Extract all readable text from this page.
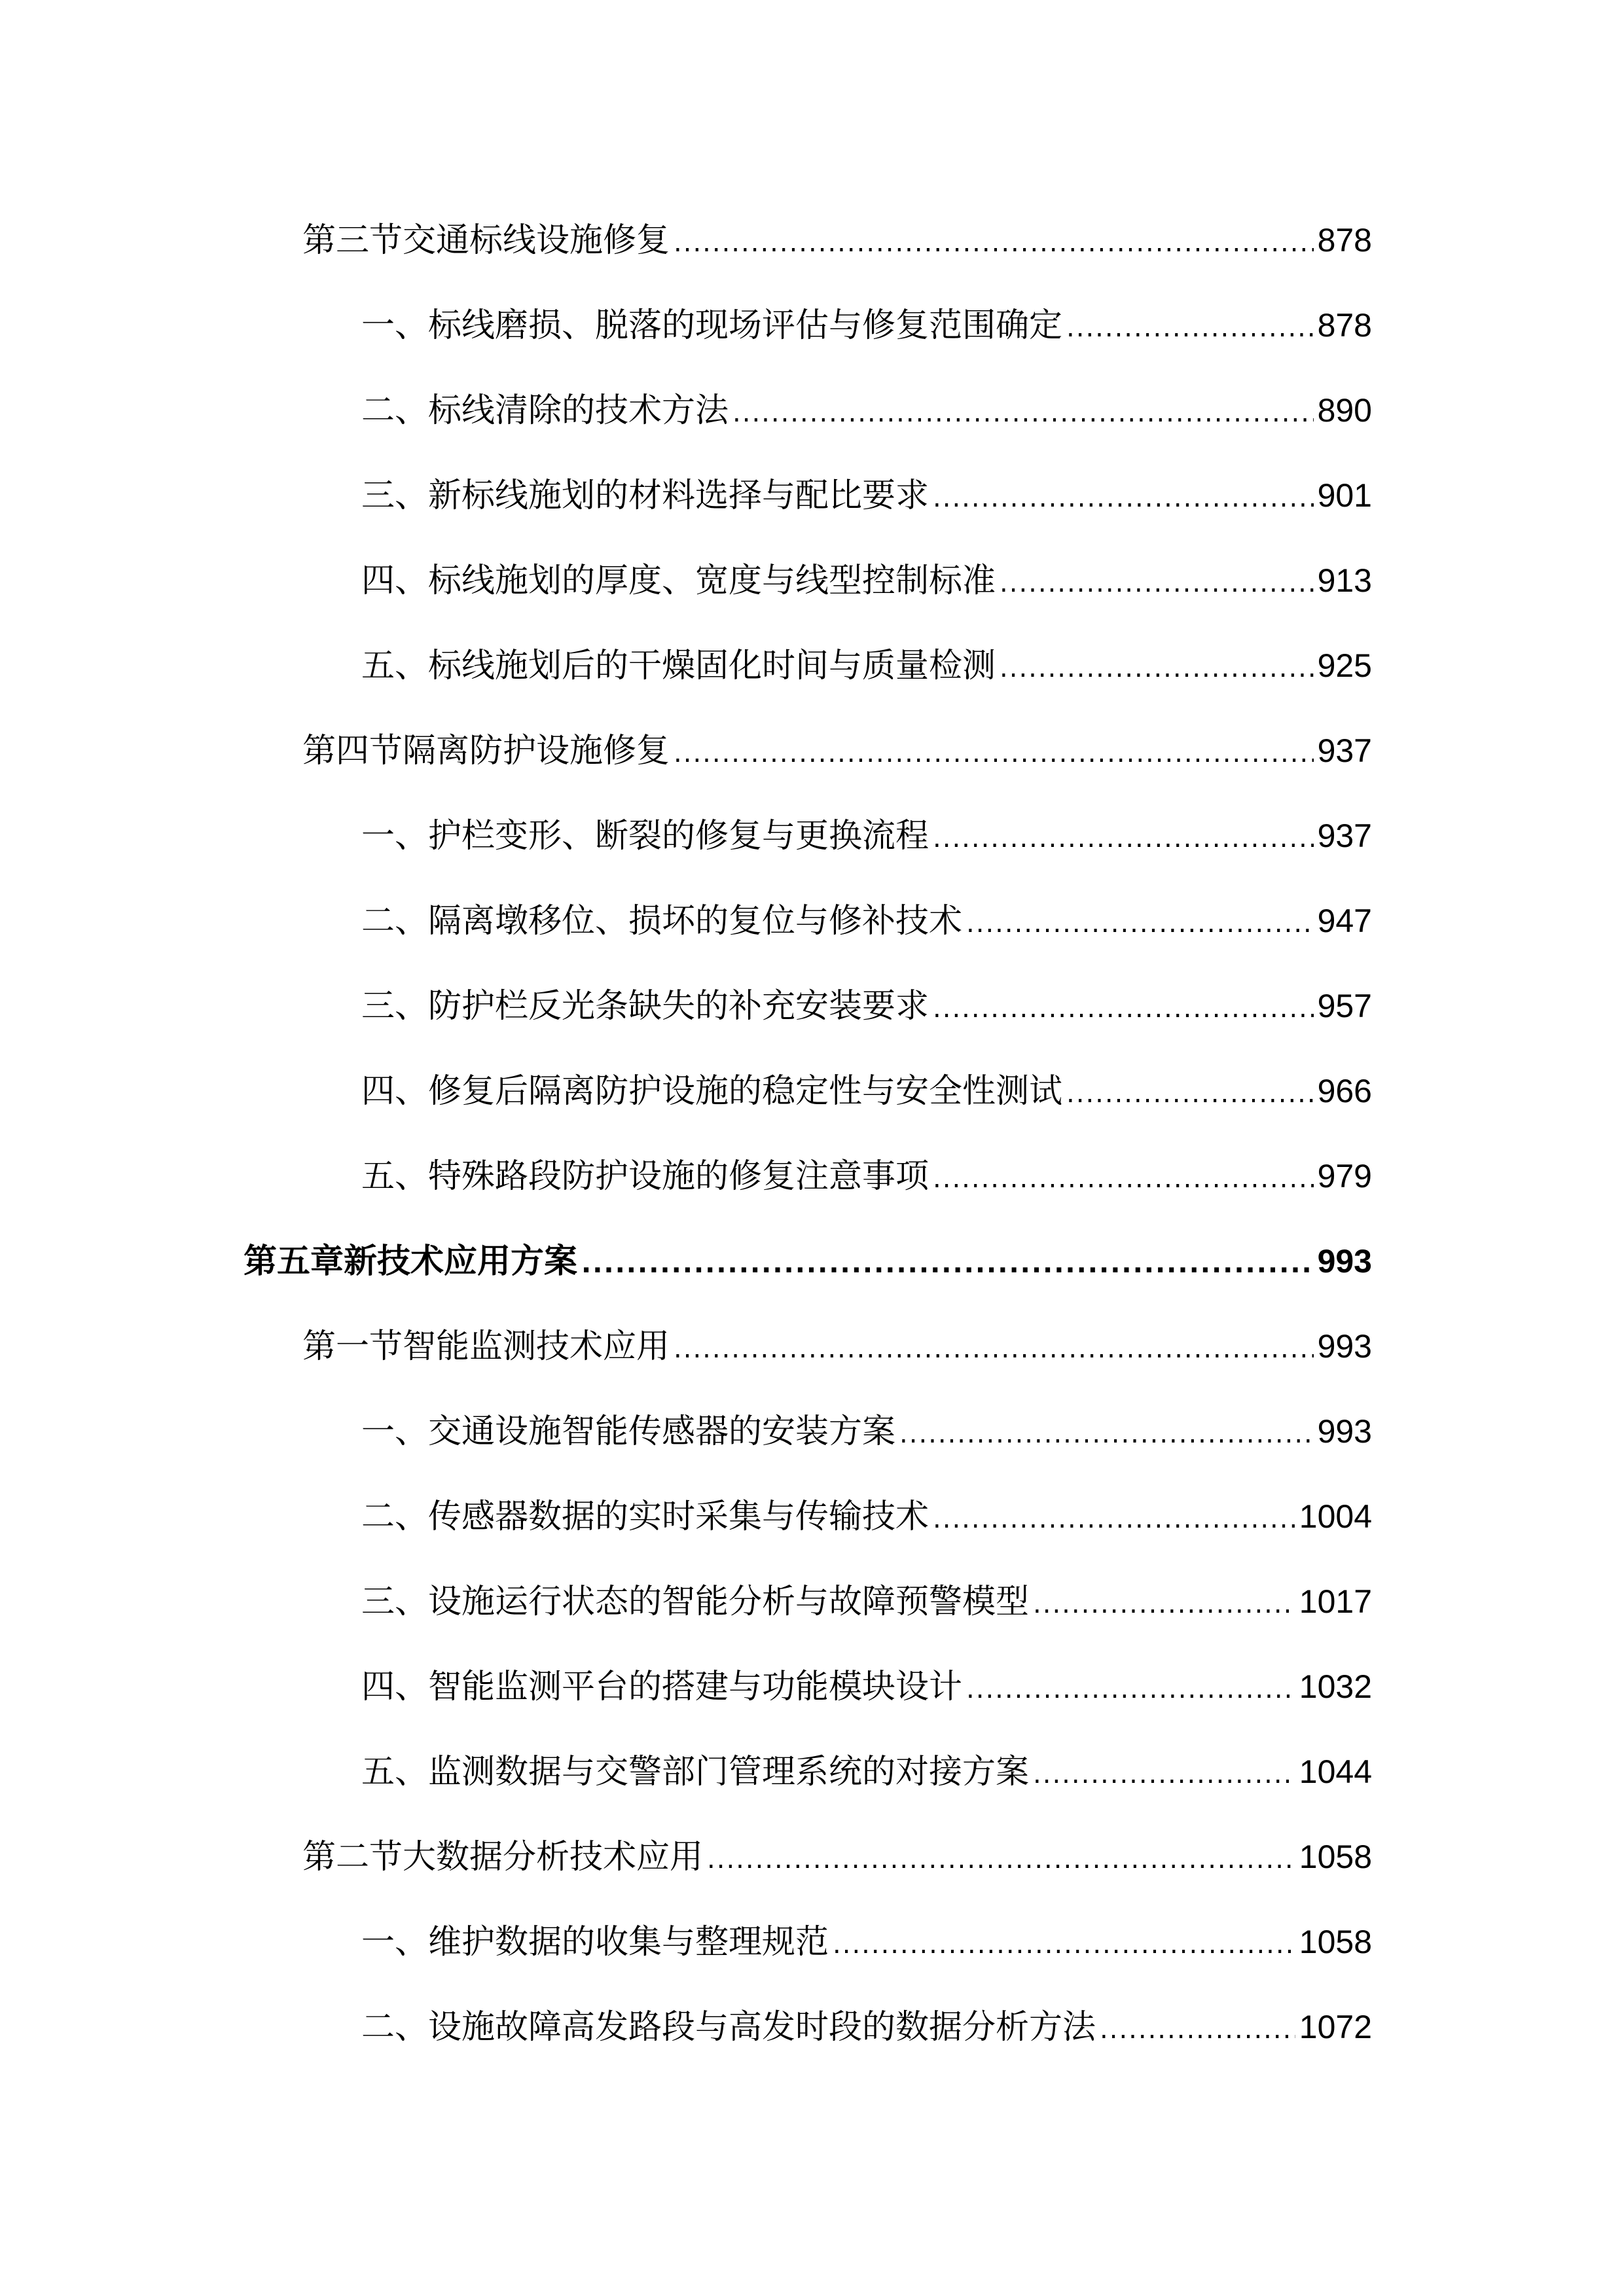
第三节交通标线设施修复 .....	878
一、标线磨损、脱落的现场评估与修复范围确定 .....	878
二、标线清除的技术方法 .....	890
三、新标线施划的材料选择与配比要求 .....	901
四、标线施划的厚度、宽度与线型控制标准 .....	913
五、标线施划后的干燥固化时间与质量检测 .....	925
第四节隔离防护设施修复 .....	937
一、护栏变形、断裂的修复与更换流程 .....	937
二、隔离墩移位、损坏的复位与修补技术 .....	947
三、防护栏反光条缺失的补充安装要求 .....	957
四、修复后隔离防护设施的稳定性与安全性测试 .....	966
五、特殊路段防护设施的修复注意事项 .....	979
第五章新技术应用方案 .....	993
第一节智能监测技术应用 .....	993
一、交通设施智能传感器的安装方案 .....	993
二、传感器数据的实时采集与传输技术 .....	1004
三、设施运行状态的智能分析与故障预警模型 .....	1017
四、智能监测平台的搭建与功能模块设计 .....	1032
五、监测数据与交警部门管理系统的对接方案 .....	1044
第二节大数据分析技术应用 .....	1058
一、维护数据的收集与整理规范 .....	1058
二、设施故障高发路段与高发时段的数据分析方法 .....	1072
